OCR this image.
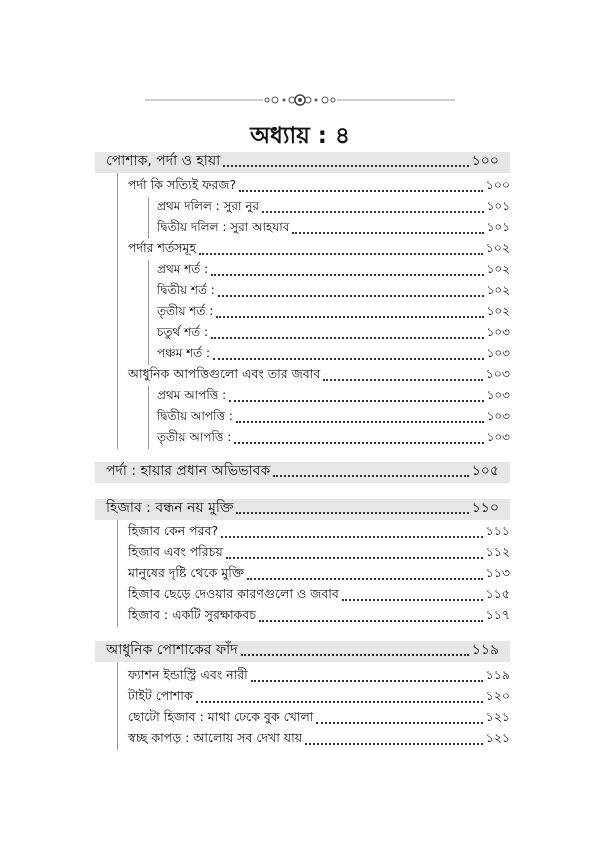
অধ্যায় : ৪
পোশাক, পর্দা ও হায়া	১০০
পর্দা কি সত্যিই ফরজ?	১০০
প্রথম দলিল : সুরা নুর	১০১
দ্বিতীয় দলিল : সুরা আহযাব	১০১
পর্দার শর্তসমূহ	১০২
প্রথম শর্ত :	১০২
দ্বিতীয় শর্ত :	১০২
তৃতীয় শর্ত :	১০২
চতুর্থ শর্ত :	১০৩
পঞ্চম শর্ত :	১০৩
আধুনিক আপত্তিগুলো এবং তার জবাব	১০৩
প্রথম আপত্তি :	১০৩
দ্বিতীয় আপত্তি :	১০৩
তৃতীয় আপত্তি :	১০৩
পর্দা : হায়ার প্রধান অভিভাবক	১০৫
হিজাব : বন্ধন নয় মুক্তি	১১০
হিজাব কেন পরব?	১১১
হিজাব এবং পরিচয়	১১২
মানুষের দৃষ্টি থেকে মুক্তি	১১৩
হিজাব ছেড়ে দেওয়ার কারণগুলো ও জবাব	১১৫
হিজাব : একটি সুরক্ষাকবচ	১১৭
আধুনিক পোশাকের ফাঁদ	১১৯
ফ্যাশন ইন্ডাস্ট্রি এবং নারী	১১৯
টাইট পোশাক	১২০
ছোটো হিজাব : মাথা ঢেকে বুক খোলা	১২১
স্বচ্ছ কাপড় : আলোয় সব দেখা যায়	১২১
